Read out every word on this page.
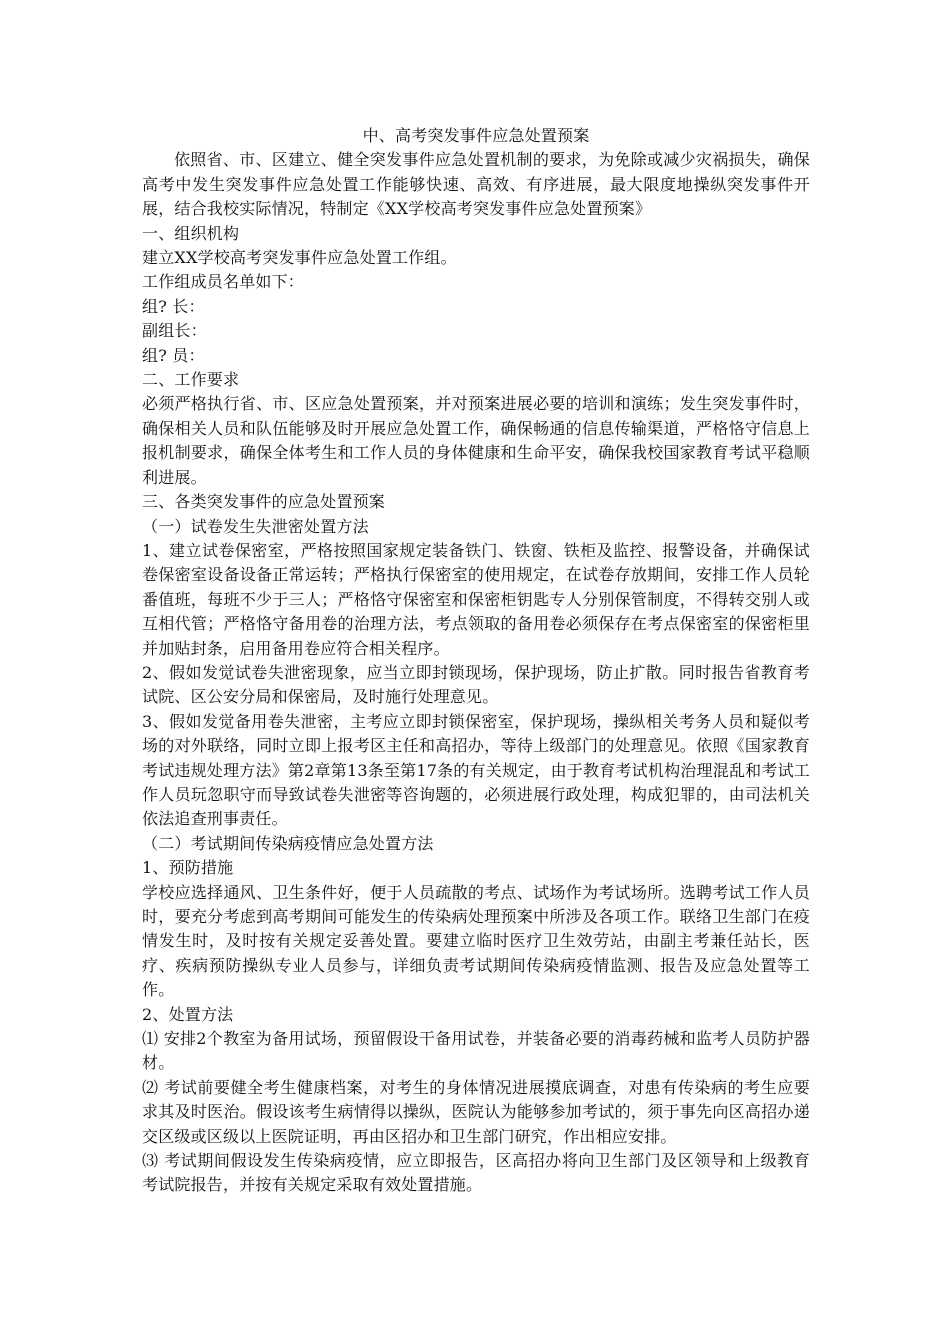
中、高考突发事件应急处置预案

依照省、市、区建立、健全突发事件应急处置机制的要求，为免除或减少灾祸损失，确保高考中发生突发事件应急处置工作能够快速、高效、有序进展，最大限度地操纵突发事件开展，结合我校实际情况，特制定《XX学校高考突发事件应急处置预案》

一、组织机构

建立XX学校高考突发事件应急处置工作组。

工作组成员名单如下：

组? 长：

副组长：

组? 员：

二、工作要求

必须严格执行省、市、区应急处置预案，并对预案进展必要的培训和演练；发生突发事件时，确保相关人员和队伍能够及时开展应急处置工作，确保畅通的信息传输渠道，严格恪守信息上报机制要求，确保全体考生和工作人员的身体健康和生命平安，确保我校国家教育考试平稳顺利进展。

三、各类突发事件的应急处置预案

（一）试卷发生失泄密处置方法

1、建立试卷保密室，严格按照国家规定装备铁门、铁窗、铁柜及监控、报警设备，并确保试卷保密室设备设备正常运转；严格执行保密室的使用规定，在试卷存放期间，安排工作人员轮番值班，每班不少于三人；严格恪守保密室和保密柜钥匙专人分别保管制度，不得转交别人或互相代管；严格恪守备用卷的治理方法，考点领取的备用卷必须保存在考点保密室的保密柜里并加贴封条，启用备用卷应符合相关程序。

2、假如发觉试卷失泄密现象，应当立即封锁现场，保护现场，防止扩散。同时报告省教育考试院、区公安分局和保密局，及时施行处理意见。

3、假如发觉备用卷失泄密，主考应立即封锁保密室，保护现场，操纵相关考务人员和疑似考场的对外联络，同时立即上报考区主任和高招办，等待上级部门的处理意见。依照《国家教育考试违规处理方法》第2章第13条至第17条的有关规定，由于教育考试机构治理混乱和考试工作人员玩忽职守而导致试卷失泄密等咨询题的，必须进展行政处理，构成犯罪的，由司法机关依法追查刑事责任。

（二）考试期间传染病疫情应急处置方法

1、预防措施

学校应选择通风、卫生条件好，便于人员疏散的考点、试场作为考试场所。选聘考试工作人员时，要充分考虑到高考期间可能发生的传染病处理预案中所涉及各项工作。联络卫生部门在疫情发生时，及时按有关规定妥善处置。要建立临时医疗卫生效劳站，由副主考兼任站长，医疗、疾病预防操纵专业人员参与，详细负责考试期间传染病疫情监测、报告及应急处置等工作。

2、处置方法

⑴ 安排2个教室为备用试场，预留假设干备用试卷，并装备必要的消毒药械和监考人员防护器材。

⑵ 考试前要健全考生健康档案，对考生的身体情况进展摸底调查，对患有传染病的考生应要求其及时医治。假设该考生病情得以操纵，医院认为能够参加考试的，须于事先向区高招办递交区级或区级以上医院证明，再由区招办和卫生部门研究，作出相应安排。

⑶ 考试期间假设发生传染病疫情，应立即报告，区高招办将向卫生部门及区领导和上级教育考试院报告，并按有关规定采取有效处置措施。
